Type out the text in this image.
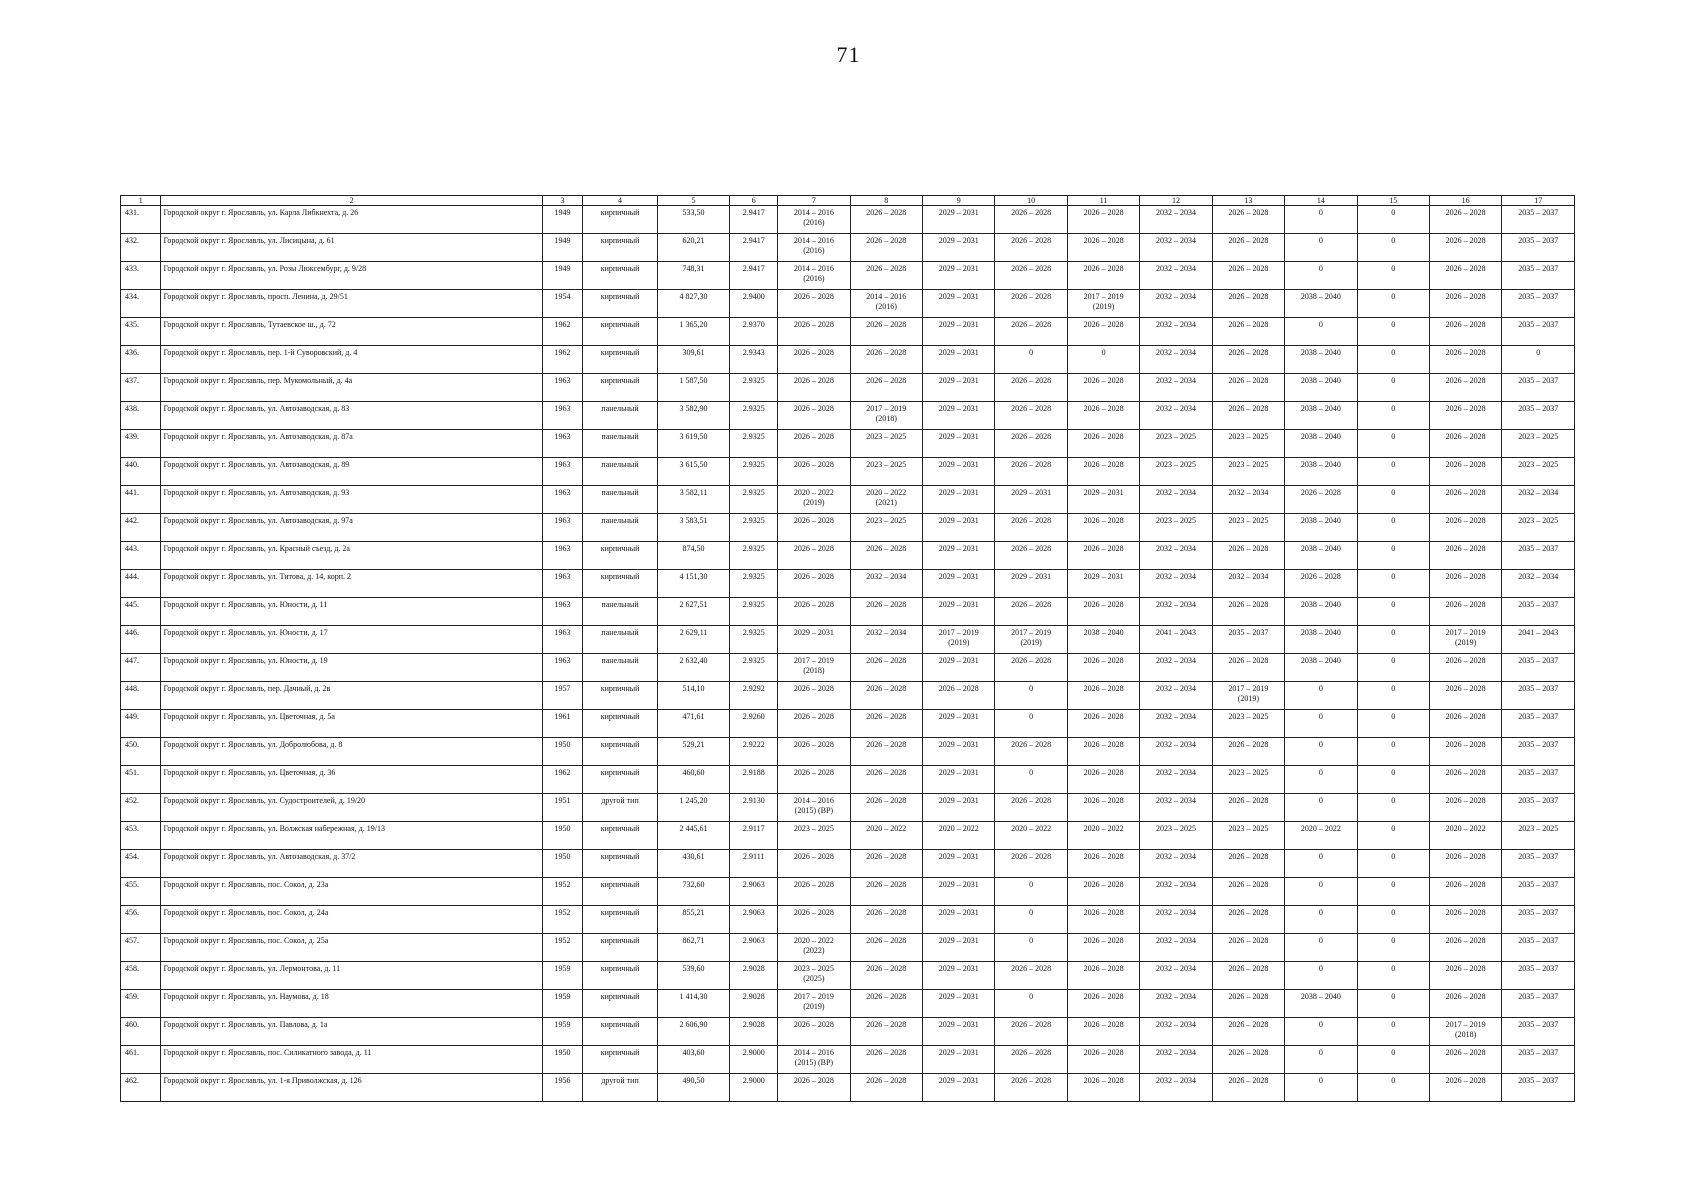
71
1	2	3	4	5	6	7	8	9	10	11	12	13	14	15	16	17
431.	Городской округ г. Ярославль, ул. Карла Либкнехта, д. 26	1949	кирпичный	533,50	2.9417	2014 – 2016
(2016)	2026 – 2028	2029 – 2031	2026 – 2028	2026 – 2028	2032 – 2034	2026 – 2028	0	0	2026 – 2028	2035 – 2037
432.	Городской округ г. Ярославль, ул. Лисицына, д. 61	1949	кирпичный	620,21	2.9417	2014 – 2016
(2016)	2026 – 2028	2029 – 2031	2026 – 2028	2026 – 2028	2032 – 2034	2026 – 2028	0	0	2026 – 2028	2035 – 2037
433.	Городской округ г. Ярославль, ул. Розы Люксембург, д. 9/28	1949	кирпичный	748,31	2.9417	2014 – 2016
(2016)	2026 – 2028	2029 – 2031	2026 – 2028	2026 – 2028	2032 – 2034	2026 – 2028	0	0	2026 – 2028	2035 – 2037
434.	Городской округ г. Ярославль, просп. Ленина, д. 29/51	1954	кирпичный	4 827,30	2.9400	2026 – 2028	2014 – 2016
(2016)	2029 – 2031	2026 – 2028	2017 – 2019
(2019)	2032 – 2034	2026 – 2028	2038 – 2040	0	2026 – 2028	2035 – 2037
435.	Городской округ г. Ярославль, Тутаевское ш., д. 72	1962	кирпичный	1 365,20	2.9370	2026 – 2028	2026 – 2028	2029 – 2031	2026 – 2028	2026 – 2028	2032 – 2034	2026 – 2028	0	0	2026 – 2028	2035 – 2037
436.	Городской округ г. Ярославль, пер. 1-й Суворовский, д. 4	1962	кирпичный	309,61	2.9343	2026 – 2028	2026 – 2028	2029 – 2031	0	0	2032 – 2034	2026 – 2028	2038 – 2040	0	2026 – 2028	0
437.	Городской округ г. Ярославль, пер. Мукомольный, д. 4а	1963	кирпичный	1 587,50	2.9325	2026 – 2028	2026 – 2028	2029 – 2031	2026 – 2028	2026 – 2028	2032 – 2034	2026 – 2028	2038 – 2040	0	2026 – 2028	2035 – 2037
438.	Городской округ г. Ярославль, ул. Автозаводская, д. 83	1963	панельный	3 582,90	2.9325	2026 – 2028	2017 – 2019
(2018)	2029 – 2031	2026 – 2028	2026 – 2028	2032 – 2034	2026 – 2028	2038 – 2040	0	2026 – 2028	2035 – 2037
439.	Городской округ г. Ярославль, ул. Автозаводская, д. 87а	1963	панельный	3 619,50	2.9325	2026 – 2028	2023 – 2025	2029 – 2031	2026 – 2028	2026 – 2028	2023 – 2025	2023 – 2025	2038 – 2040	0	2026 – 2028	2023 – 2025
440.	Городской округ г. Ярославль, ул. Автозаводская, д. 89	1963	панельный	3 615,50	2.9325	2026 – 2028	2023 – 2025	2029 – 2031	2026 – 2028	2026 – 2028	2023 – 2025	2023 – 2025	2038 – 2040	0	2026 – 2028	2023 – 2025
441.	Городской округ г. Ярославль, ул. Автозаводская, д. 93	1963	панельный	3 582,11	2.9325	2020 – 2022
(2019)	2020 – 2022
(2021)	2029 – 2031	2029 – 2031	2029 – 2031	2032 – 2034	2032 – 2034	2026 – 2028	0	2026 – 2028	2032 – 2034
442.	Городской округ г. Ярославль, ул. Автозаводская, д. 97а	1963	панельный	3 583,51	2.9325	2026 – 2028	2023 – 2025	2029 – 2031	2026 – 2028	2026 – 2028	2023 – 2025	2023 – 2025	2038 – 2040	0	2026 – 2028	2023 – 2025
443.	Городской округ г. Ярославль, ул. Красный съезд, д. 2а	1963	кирпичный	874,50	2.9325	2026 – 2028	2026 – 2028	2029 – 2031	2026 – 2028	2026 – 2028	2032 – 2034	2026 – 2028	2038 – 2040	0	2026 – 2028	2035 – 2037
444.	Городской округ г. Ярославль, ул. Титова, д. 14, корп. 2	1963	кирпичный	4 151,30	2.9325	2026 – 2028	2032 – 2034	2029 – 2031	2029 – 2031	2029 – 2031	2032 – 2034	2032 – 2034	2026 – 2028	0	2026 – 2028	2032 – 2034
445.	Городской округ г. Ярославль, ул. Юности, д. 11	1963	панельный	2 627,51	2.9325	2026 – 2028	2026 – 2028	2029 – 2031	2026 – 2028	2026 – 2028	2032 – 2034	2026 – 2028	2038 – 2040	0	2026 – 2028	2035 – 2037
446.	Городской округ г. Ярославль, ул. Юности, д. 17	1963	панельный	2 629,11	2.9325	2029 – 2031	2032 – 2034	2017 – 2019
(2019)	2017 – 2019
(2019)	2038 – 2040	2041 – 2043	2035 – 2037	2038 – 2040	0	2017 – 2019
(2019)	2041 – 2043
447.	Городской округ г. Ярославль, ул. Юности, д. 19	1963	панельный	2 632,40	2.9325	2017 – 2019
(2018)	2026 – 2028	2029 – 2031	2026 – 2028	2026 – 2028	2032 – 2034	2026 – 2028	2038 – 2040	0	2026 – 2028	2035 – 2037
448.	Городской округ г. Ярославль, пер. Дачный, д. 2в	1957	кирпичный	514,10	2.9292	2026 – 2028	2026 – 2028	2026 – 2028	0	2026 – 2028	2032 – 2034	2017 – 2019
(2019)	0	0	2026 – 2028	2035 – 2037
449.	Городской округ г. Ярославль, ул. Цветочная, д. 5а	1961	кирпичный	471,61	2.9260	2026 – 2028	2026 – 2028	2029 – 2031	0	2026 – 2028	2032 – 2034	2023 – 2025	0	0	2026 – 2028	2035 – 2037
450.	Городской округ г. Ярославль, ул. Добролюбова, д. 8	1950	кирпичный	529,21	2.9222	2026 – 2028	2026 – 2028	2029 – 2031	2026 – 2028	2026 – 2028	2032 – 2034	2026 – 2028	0	0	2026 – 2028	2035 – 2037
451.	Городской округ г. Ярославль, ул. Цветочная, д. 36	1962	кирпичный	460,60	2.9188	2026 – 2028	2026 – 2028	2029 – 2031	0	2026 – 2028	2032 – 2034	2023 – 2025	0	0	2026 – 2028	2035 – 2037
452.	Городской округ г. Ярославль, ул. Судостроителей, д. 19/20	1951	другой тип	1 245,20	2.9130	2014 – 2016
(2015) (ВР)	2026 – 2028	2029 – 2031	2026 – 2028	2026 – 2028	2032 – 2034	2026 – 2028	0	0	2026 – 2028	2035 – 2037
453.	Городской округ г. Ярославль, ул. Волжская набережная, д. 19/13	1950	кирпичный	2 445,61	2.9117	2023 – 2025	2020 – 2022	2020 – 2022	2020 – 2022	2020 – 2022	2023 – 2025	2023 – 2025	2020 – 2022	0	2020 – 2022	2023 – 2025
454.	Городской округ г. Ярославль, ул. Автозаводская, д. 37/2	1950	кирпичный	430,61	2.9111	2026 – 2028	2026 – 2028	2029 – 2031	2026 – 2028	2026 – 2028	2032 – 2034	2026 – 2028	0	0	2026 – 2028	2035 – 2037
455.	Городской округ г. Ярославль, пос. Сокол, д. 23а	1952	кирпичный	732,60	2.9063	2026 – 2028	2026 – 2028	2029 – 2031	0	2026 – 2028	2032 – 2034	2026 – 2028	0	0	2026 – 2028	2035 – 2037
456.	Городской округ г. Ярославль, пос. Сокол, д. 24а	1952	кирпичный	855,21	2.9063	2026 – 2028	2026 – 2028	2029 – 2031	0	2026 – 2028	2032 – 2034	2026 – 2028	0	0	2026 – 2028	2035 – 2037
457.	Городской округ г. Ярославль, пос. Сокол, д. 25а	1952	кирпичный	862,71	2.9063	2020 – 2022
(2022)	2026 – 2028	2029 – 2031	0	2026 – 2028	2032 – 2034	2026 – 2028	0	0	2026 – 2028	2035 – 2037
458.	Городской округ г. Ярославль, ул. Лермонтова, д. 11	1959	кирпичный	539,60	2.9028	2023 – 2025
(2025)	2026 – 2028	2029 – 2031	2026 – 2028	2026 – 2028	2032 – 2034	2026 – 2028	0	0	2026 – 2028	2035 – 2037
459.	Городской округ г. Ярославль, ул. Наумова, д. 18	1959	кирпичный	1 414,30	2.9028	2017 – 2019
(2019)	2026 – 2028	2029 – 2031	0	2026 – 2028	2032 – 2034	2026 – 2028	2038 – 2040	0	2026 – 2028	2035 – 2037
460.	Городской округ г. Ярославль, ул. Павлова, д. 1а	1959	кирпичный	2 606,90	2.9028	2026 – 2028	2026 – 2028	2029 – 2031	2026 – 2028	2026 – 2028	2032 – 2034	2026 – 2028	0	0	2017 – 2019
(2018)	2035 – 2037
461.	Городской округ г. Ярославль, пос. Силикатного завода, д. 11	1950	кирпичный	403,60	2.9000	2014 – 2016
(2015) (ВР)	2026 – 2028	2029 – 2031	2026 – 2028	2026 – 2028	2032 – 2034	2026 – 2028	0	0	2026 – 2028	2035 – 2037
462.	Городской округ г. Ярославль, ул. 1-я Приволжская, д. 126	1956	другой тип	490,50	2.9000	2026 – 2028	2026 – 2028	2029 – 2031	2026 – 2028	2026 – 2028	2032 – 2034	2026 – 2028	0	0	2026 – 2028	2035 – 2037
